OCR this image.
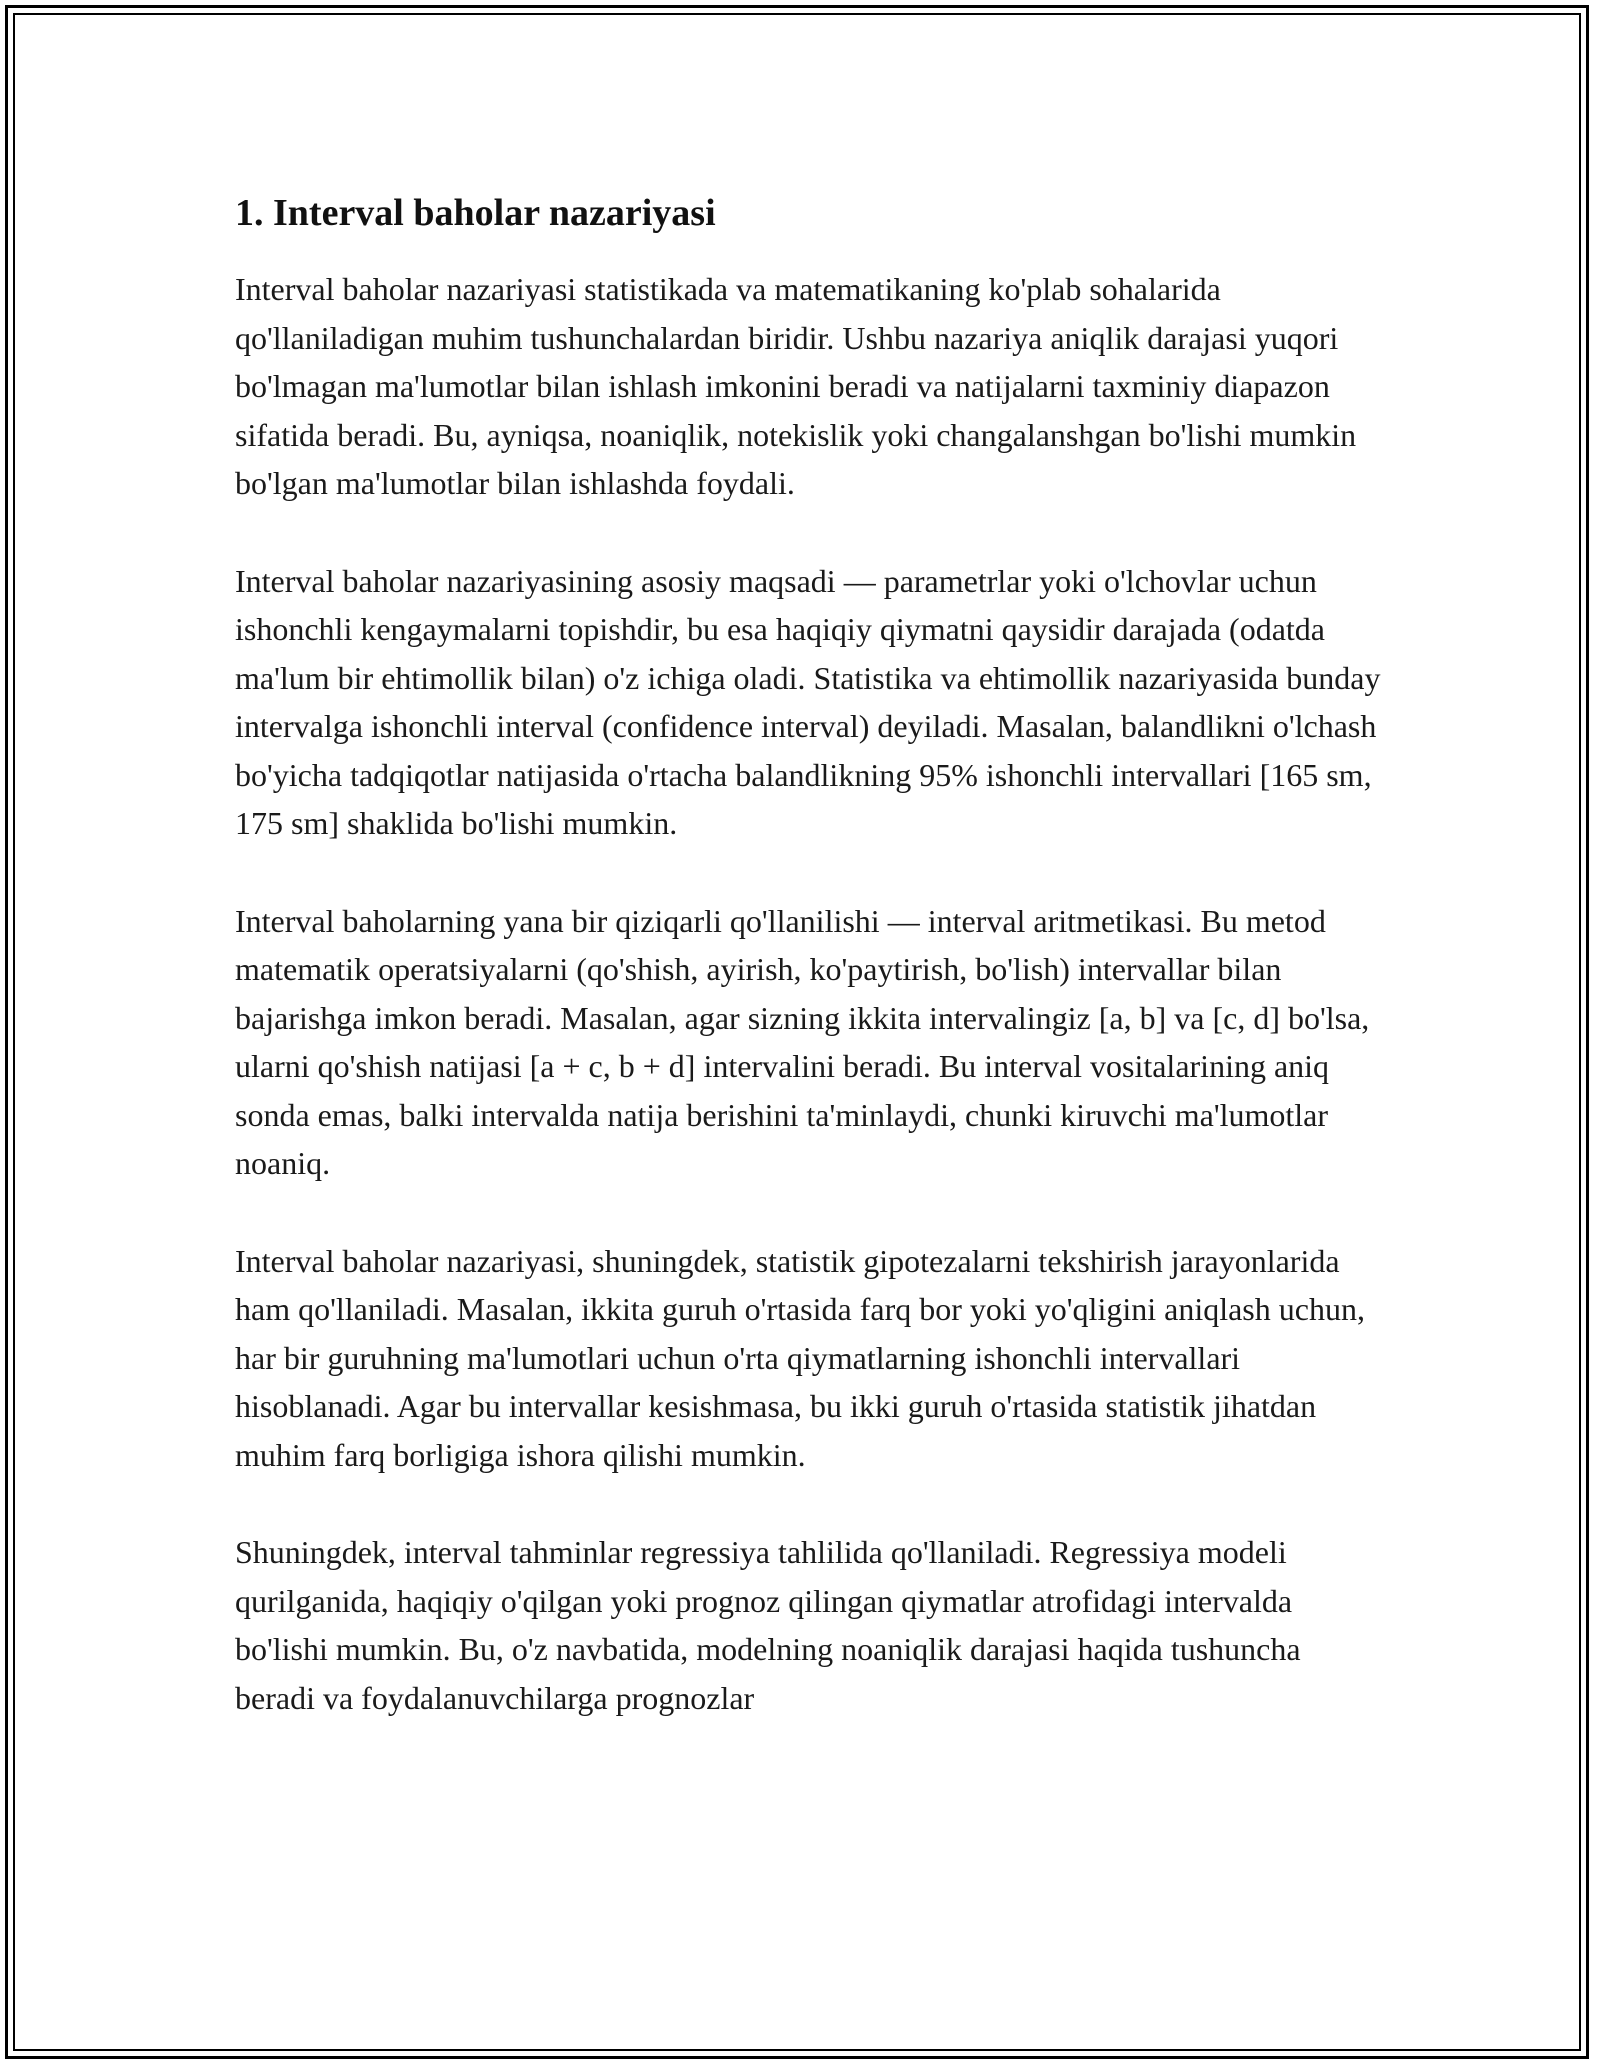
1. Interval baholar nazariyasi

Interval baholar nazariyasi statistikada va matematikaning ko'plab sohalarida qo'llaniladigan muhim tushunchalardan biridir. Ushbu nazariya aniqlik darajasi yuqori bo'lmagan ma'lumotlar bilan ishlash imkonini beradi va natijalarni taxminiy diapazon sifatida beradi. Bu, ayniqsa, noaniqlik, notekislik yoki changalanshgan bo'lishi mumkin bo'lgan ma'lumotlar bilan ishlashda foydali.

Interval baholar nazariyasining asosiy maqsadi — parametrlar yoki o'lchovlar uchun ishonchli kengaymalarni topishdir, bu esa haqiqiy qiymatni qaysidir darajada (odatda ma'lum bir ehtimollik bilan) o'z ichiga oladi. Statistika va ehtimollik nazariyasida bunday intervalga ishonchli interval (confidence interval) deyiladi. Masalan, balandlikni o'lchash bo'yicha tadqiqotlar natijasida o'rtacha balandlikning 95% ishonchli intervallari [165 sm, 175 sm] shaklida bo'lishi mumkin.

Interval baholarning yana bir qiziqarli qo'llanilishi — interval aritmetikasi. Bu metod matematik operatsiyalarni (qo'shish, ayirish, ko'paytirish, bo'lish) intervallar bilan bajarishga imkon beradi. Masalan, agar sizning ikkita intervalingiz [a, b] va [c, d] bo'lsa, ularni qo'shish natijasi [a + c, b + d] intervalini beradi. Bu interval vositalarining aniq sonda emas, balki intervalda natija berishini ta'minlaydi, chunki kiruvchi ma'lumotlar noaniq.

Interval baholar nazariyasi, shuningdek, statistik gipotezalarni tekshirish jarayonlarida ham qo'llaniladi. Masalan, ikkita guruh o'rtasida farq bor yoki yo'qligini aniqlash uchun, har bir guruhning ma'lumotlari uchun o'rta qiymatlarning ishonchli intervallari hisoblanadi. Agar bu intervallar kesishmasa, bu ikki guruh o'rtasida statistik jihatdan muhim farq borligiga ishora qilishi mumkin.

Shuningdek, interval tahminlar regressiya tahlilida qo'llaniladi. Regressiya modeli qurilganida, haqiqiy o'qilgan yoki prognoz qilingan qiymatlar atrofidagi intervalda bo'lishi mumkin. Bu, o'z navbatida, modelning noaniqlik darajasi haqida tushuncha beradi va foydalanuvchilarga prognozlar
